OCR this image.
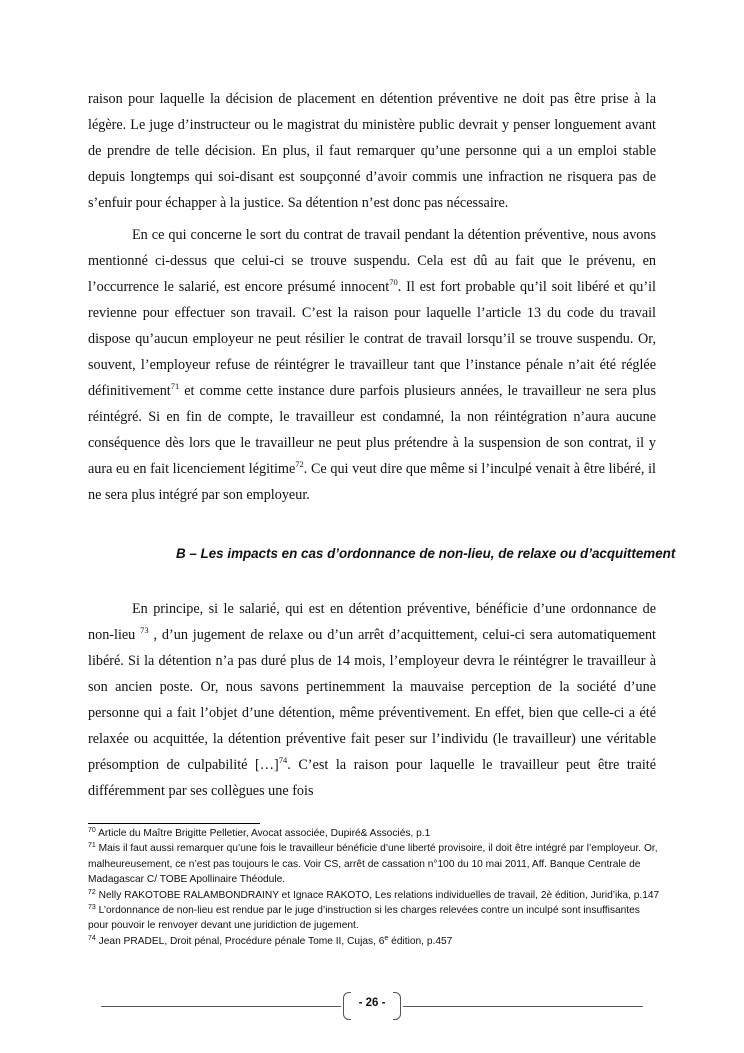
raison pour laquelle la décision de placement en détention préventive ne doit pas être prise à la légère. Le juge d’instructeur ou le magistrat du ministère public devrait y penser longuement avant de prendre de telle décision. En plus, il faut remarquer qu’une personne qui a un emploi stable depuis longtemps qui soi-disant est soupçonné d’avoir commis une infraction ne risquera pas de s’enfuir pour échapper à la justice. Sa détention n’est donc pas nécessaire.

En ce qui concerne le sort du contrat de travail pendant la détention préventive, nous avons mentionné ci-dessus que celui-ci se trouve suspendu. Cela est dû au fait que le prévenu, en l’occurrence le salarié, est encore présumé innocent$^{70}$. Il est fort probable qu’il soit libéré et qu’il revienne pour effectuer son travail. C’est la raison pour laquelle l’article 13 du code du travail dispose qu’aucun employeur ne peut résilier le contrat de travail lorsqu’il se trouve suspendu. Or, souvent, l’employeur refuse de réintégrer le travailleur tant que l’instance pénale n’ait été réglée définitivement$^{71}$ et comme cette instance dure parfois plusieurs années, le travailleur ne sera plus réintégré. Si en fin de compte, le travailleur est condamné, la non réintégration n’aura aucune conséquence dès lors que le travailleur ne peut plus prétendre à la suspension de son contrat, il y aura eu en fait licenciement légitime$^{72}$. Ce qui veut dire que même si l’inculpé venait à être libéré, il ne sera plus intégré par son employeur.

B – Les impacts en cas d’ordonnance de non-lieu, de relaxe ou d’acquittement

En principe, si le salarié, qui est en détention préventive, bénéficie d’une ordonnance de non-lieu $^{73}$ , d’un jugement de relaxe ou d’un arrêt d’acquittement, celui-ci sera automatiquement libéré. Si la détention n’a pas duré plus de 14 mois, l’employeur devra le réintégrer le travailleur à son ancien poste. Or, nous savons pertinemment la mauvaise perception de la société d’une personne qui a fait l’objet d’une détention, même préventivement. En effet, bien que celle-ci a été relaxée ou acquittée, la détention préventive fait peser sur l’individu (le travailleur) une véritable présomption de culpabilité […]$^{74}$. C’est la raison pour laquelle le travailleur peut être traité différemment par ses collègues une fois

$^{70}$ Article du Maître Brigitte Pelletier, Avocat associée, Dupiré& Associés, p.1

$^{71}$ Mais il faut aussi remarquer qu’une fois le travailleur bénéficie d’une liberté provisoire, il doit être intégré par l’employeur. Or, malheureusement, ce n’est pas toujours le cas. Voir CS, arrêt de cassation n°100 du 10 mai 2011, Aff. Banque Centrale de Madagascar C/ TOBE Apollinaire Théodule.

$^{72}$ Nelly RAKOTOBE RALAMBONDRAINY et Ignace RAKOTO, Les relations individuelles de travail, 2è édition, Jurid’ika, p.147

$^{73}$ L’ordonnance de non-lieu est rendue par le juge d’instruction si les charges relevées contre un inculpé sont insuffisantes pour pouvoir le renvoyer devant une juridiction de jugement.

$^{74}$ Jean PRADEL, Droit pénal, Procédure pénale Tome II, Cujas, 6e édition, p.457

- 26 -
